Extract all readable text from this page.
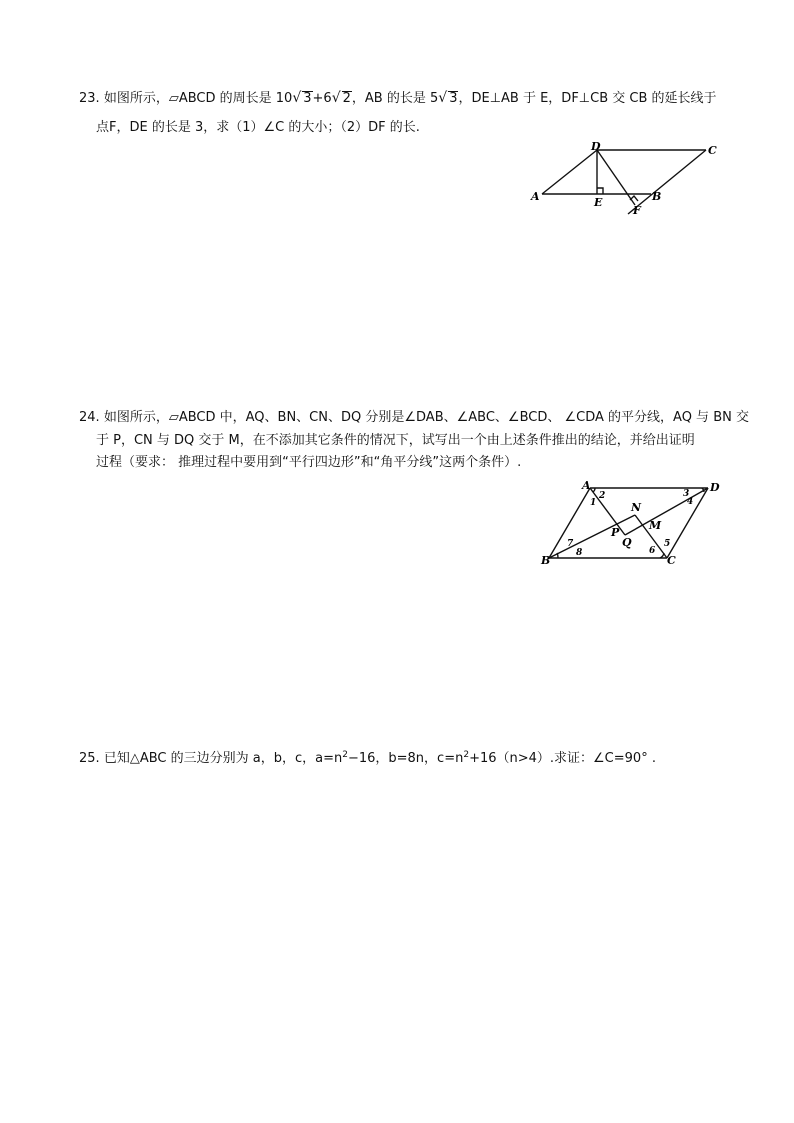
23. 如图所示，▱ABCD 的周长是 10√ 3+6√ 2，AB 的长是 5√ 3，DE⊥AB 于 E，DF⊥CB 交 CB 的延长线于
点F，DE 的长是 3，求（1）∠C 的大小；（2）DF 的长.
A
D	C
E	B
F
24. 如图所示，▱ABCD 中，AQ、BN、CN、DQ 分别是∠DAB、∠ABC、∠BCD、 ∠CDA 的平分线，AQ 与 BN 交
于 P，CN 与 DQ 交于 M，在不添加其它条件的情况下，试写出一个由上述条件推出的结论，并给出证明
过程（要求： 推理过程中要用到“平行四边形”和“角平分线”这两个条件）.
A	D
B	C
N
P
Q
M
1
2	3
4
5
6
7
8
25. 已知△ABC 的三边分别为 a，b，c，$a=n^2-16$，b=8n，$c=n^2+16(n>4)$.求证：∠C=90° .
